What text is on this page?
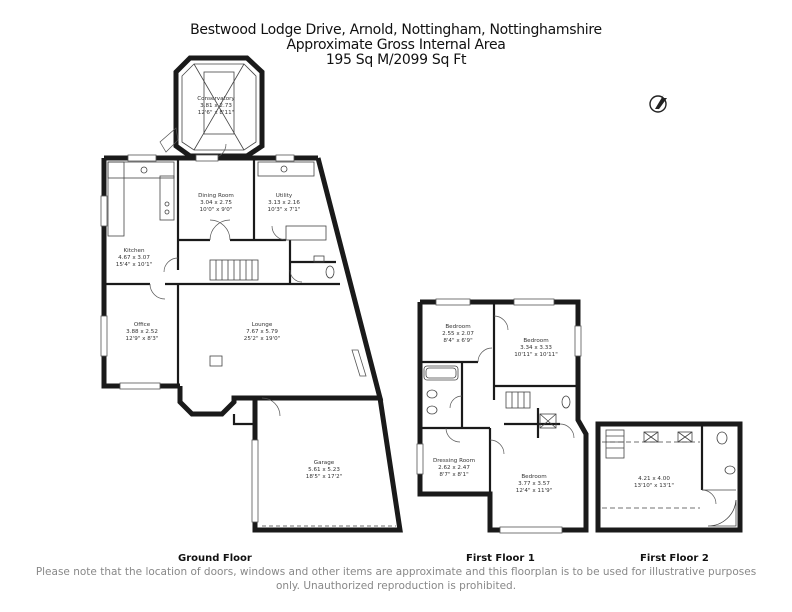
Bestwood Lodge Drive, Arnold, Nottingham, Nottinghamshire
Approximate Gross Internal Area
195 Sq M/2099 Sq Ft
Conservatory
3.81 x 2.73
12'6" x 8'11"
Dining Room
3.04 x 2.75
10'0" x 9'0"
Utility
3.13 x 2.16
10'3" x 7'1"
Kitchen
4.67 x 3.07
15'4" x 10'1"
Office
3.88 x 2.52
12'9" x 8'3"
Lounge
7.67 x 5.79
25'2" x 19'0"
Garage
5.61 x 5.23
18'5" x 17'2"
Bedroom
2.55 x 2.07
8'4" x 6'9"	Bedroom
3.34 x 3.33
10'11" x 10'11"
Dressing Room
2.62 x 2.47
8'7" x 8'1"	Bedroom
3.77 x 3.57
12'4" x 11'9"
4.21 x 4.00
13'10" x 13'1"
Ground Floor	First Floor 1	First Floor 2
Please note that the location of doors, windows and other items are approximate and this floorplan is to be used for illustrative purposes only. Unauthorized reproduction is prohibited.
